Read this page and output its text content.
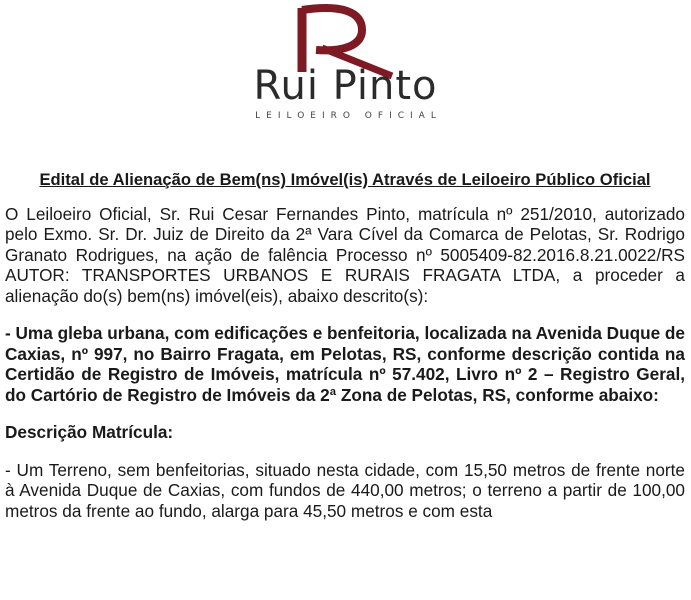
Rui Pinto
LEILOEIRO OFICIAL
Edital de Alienação de Bem(ns) Imóvel(is) Através de Leiloeiro Público Oficial
O Leiloeiro Oficial, Sr. Rui Cesar Fernandes Pinto, matrícula nº 251/2010, autorizado pelo Exmo. Sr. Dr. Juiz de Direito da 2ª Vara Cível da Comarca de Pelotas, Sr. Rodrigo Granato Rodrigues, na ação de falência Processo nº 5005409-82.2016.8.21.0022/RS AUTOR: TRANSPORTES URBANOS E RURAIS FRAGATA LTDA, a proceder a alienação do(s) bem(ns) imóvel(eis), abaixo descrito(s):
- Uma gleba urbana, com edificações e benfeitoria, localizada na Avenida Duque de Caxias, nº 997, no Bairro Fragata, em Pelotas, RS, conforme descrição contida na Certidão de Registro de Imóveis, matrícula nº 57.402, Livro nº 2 – Registro Geral, do Cartório de Registro de Imóveis da 2ª Zona de Pelotas, RS, conforme abaixo:
Descrição Matrícula:
- Um Terreno, sem benfeitorias, situado nesta cidade, com 15,50 metros de frente norte à Avenida Duque de Caxias, com fundos de 440,00 metros; o terreno a partir de 100,00 metros da frente ao fundo, alarga para 45,50 metros e com esta
